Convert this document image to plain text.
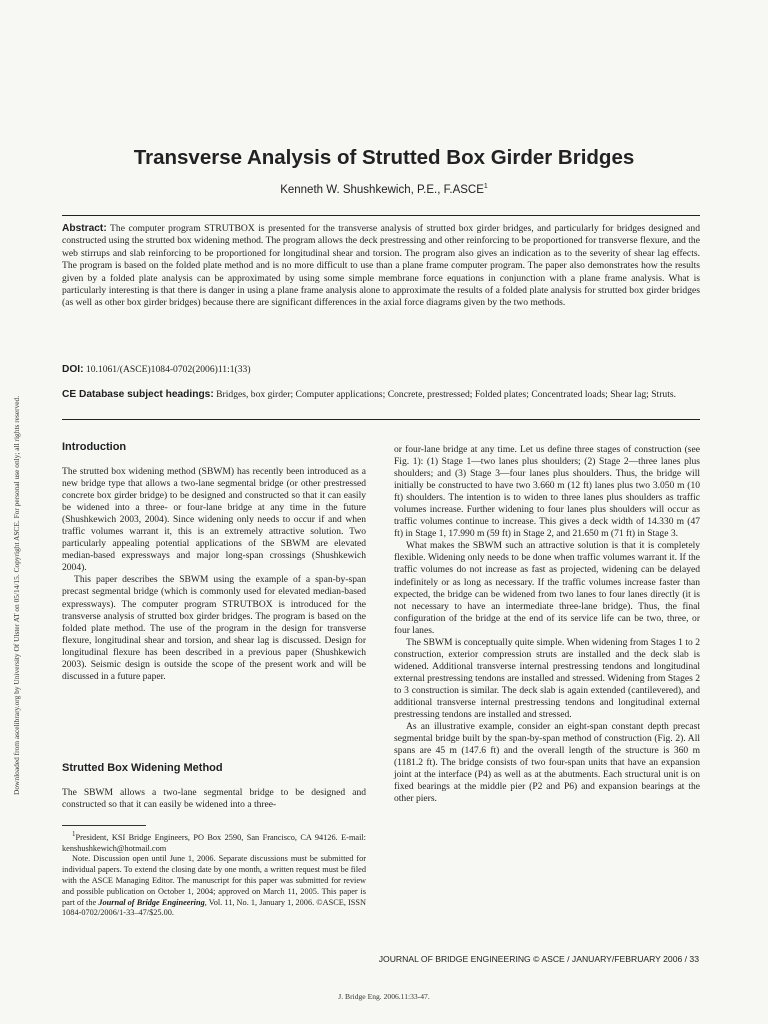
Downloaded from ascelibrary.org by University Of Ulster AT on 05/14/15. Copyright ASCE. For personal use only; all rights reserved.
Transverse Analysis of Strutted Box Girder Bridges
Kenneth W. Shushkewich, P.E., F.ASCE$^1$

Abstract: The computer program STRUTBOX is presented for the transverse analysis of strutted box girder bridges, and particularly for bridges designed and constructed using the strutted box widening method. The program allows the deck prestressing and other reinforcing to be proportioned for transverse flexure, and the web stirrups and slab reinforcing to be proportioned for longitudinal shear and torsion. The program also gives an indication as to the severity of shear lag effects. The program is based on the folded plate method and is no more difficult to use than a plane frame computer program. The paper also demonstrates how the results given by a folded plate analysis can be approximated by using some simple membrane force equations in conjunction with a plane frame analysis. What is particularly interesting is that there is danger in using a plane frame analysis alone to approximate the results of a folded plate analysis for strutted box girder bridges (as well as other box girder bridges) because there are significant differences in the axial force diagrams given by the two methods.

DOI: 10.1061/(ASCE)1084-0702(2006)11:1(33)

CE Database subject headings: Bridges, box girder; Computer applications; Concrete, prestressed; Folded plates; Concentrated loads; Shear lag; Struts.

Introduction

The strutted box widening method (SBWM) has recently been introduced as a new bridge type that allows a two-lane segmental bridge (or other prestressed concrete box girder bridge) to be designed and constructed so that it can easily be widened into a three- or four-lane bridge at any time in the future (Shushkewich 2003, 2004). Since widening only needs to occur if and when traffic volumes warrant it, this is an extremely attractive solution. Two particularly appealing potential applications of the SBWM are elevated median-based expressways and major long-span crossings (Shushkewich 2004).

This paper describes the SBWM using the example of a span-by-span precast segmental bridge (which is commonly used for elevated median-based expressways). The computer program STRUTBOX is introduced for the transverse analysis of strutted box girder bridges. The program is based on the folded plate method. The use of the program in the design for transverse flexure, longitudinal shear and torsion, and shear lag is discussed. Design for longitudinal flexure has been described in a previous paper (Shushkewich 2003). Seismic design is outside the scope of the present work and will be discussed in a future paper.

Strutted Box Widening Method

The SBWM allows a two-lane segmental bridge to be designed and constructed so that it can easily be widened into a three-

$^1$President, KSI Bridge Engineers, PO Box 2590, San Francisco, CA 94126. E-mail: kenshushkewich@hotmail.com

Note. Discussion open until June 1, 2006. Separate discussions must be submitted for individual papers. To extend the closing date by one month, a written request must be filed with the ASCE Managing Editor. The manuscript for this paper was submitted for review and possible publication on October 1, 2004; approved on March 11, 2005. This paper is part of the Journal of Bridge Engineering, Vol. 11, No. 1, January 1, 2006. ©ASCE, ISSN 1084-0702/2006/1-33–47/$25.00.

or four-lane bridge at any time. Let us define three stages of construction (see Fig. 1): (1) Stage 1—two lanes plus shoulders; (2) Stage 2—three lanes plus shoulders; and (3) Stage 3—four lanes plus shoulders. Thus, the bridge will initially be constructed to have two 3.660 m (12 ft) lanes plus two 3.050 m (10 ft) shoulders. The intention is to widen to three lanes plus shoulders as traffic volumes increase. Further widening to four lanes plus shoulders will occur as traffic volumes continue to increase. This gives a deck width of 14.330 m (47 ft) in Stage 1, 17.990 m (59 ft) in Stage 2, and 21.650 m (71 ft) in Stage 3.

What makes the SBWM such an attractive solution is that it is completely flexible. Widening only needs to be done when traffic volumes warrant it. If the traffic volumes do not increase as fast as projected, widening can be delayed indefinitely or as long as necessary. If the traffic volumes increase faster than expected, the bridge can be widened from two lanes to four lanes directly (it is not necessary to have an intermediate three-lane bridge). Thus, the final configuration of the bridge at the end of its service life can be two, three, or four lanes.

The SBWM is conceptually quite simple. When widening from Stages 1 to 2 construction, exterior compression struts are installed and the deck slab is widened. Additional transverse internal prestressing tendons and longitudinal external prestressing tendons are installed and stressed. Widening from Stages 2 to 3 construction is similar. The deck slab is again extended (cantilevered), and additional transverse internal prestressing tendons and longitudinal external prestressing tendons are installed and stressed.

As an illustrative example, consider an eight-span constant depth precast segmental bridge built by the span-by-span method of construction (Fig. 2). All spans are 45 m (147.6 ft) and the overall length of the structure is 360 m (1181.2 ft). The bridge consists of two four-span units that have an expansion joint at the interface (P4) as well as at the abutments. Each structural unit is on fixed bearings at the middle pier (P2 and P6) and expansion bearings at the other piers.

JOURNAL OF BRIDGE ENGINEERING © ASCE / JANUARY/FEBRUARY 2006 / 33
J. Bridge Eng. 2006.11:33-47.
